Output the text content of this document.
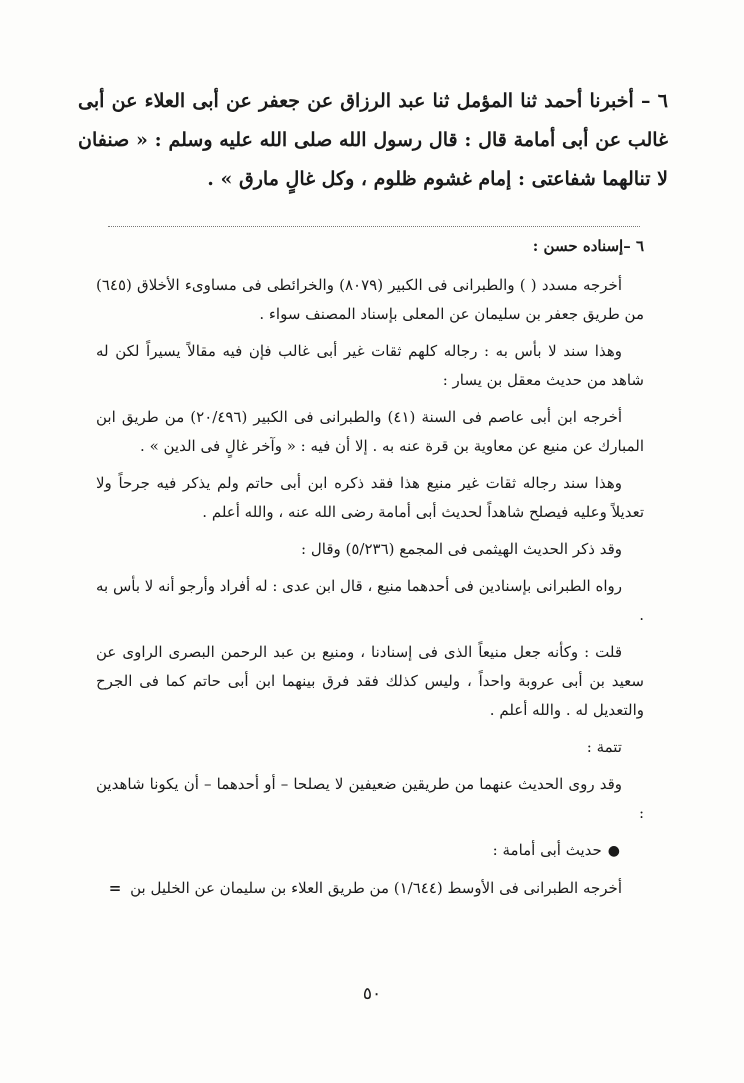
٦ – أخبرنا أحمد ثنا المؤمل ثنا عبد الرزاق عن جعفر عن أبى العلاء عن أبى غالب عن أبى أمامة قال : قال رسول الله صلى الله عليه وسلم : « صنفان لا تنالهما شفاعتى : إمام غشوم ظلوم ، وكل غالٍ مارق » .

٦ –إسناده حسن :

أخرجه مسدد ( ) والطبرانى فى الكبير (٨٠٧٩) والخرائطى فى مساوىء الأخلاق (٦٤٥) من طريق جعفر بن سليمان عن المعلى بإسناد المصنف سواء .

وهذا سند لا بأس به : رجاله كلهم ثقات غير أبى غالب فإن فيه مقالاً يسيراً لكن له شاهد من حديث معقل بن يسار :

أخرجه ابن أبى عاصم فى السنة (٤١) والطبرانى فى الكبير (٢٠/٤٩٦) من طريق ابن المبارك عن منيع عن معاوية بن قرة عنه به . إلا أن فيه : « وآخر غالٍ فى الدين » .

وهذا سند رجاله ثقات غير منيع هذا فقد ذكره ابن أبى حاتم ولم يذكر فيه جرحاً ولا تعديلاً وعليه فيصلح شاهداً لحديث أبى أمامة رضى الله عنه ، والله أعلم .

وقد ذكر الحديث الهيثمى فى المجمع (٥/٢٣٦) وقال :

رواه الطبرانى بإسنادين فى أحدهما منيع ، قال ابن عدى : له أفراد وأرجو أنه لا بأس به .

قلت : وكأنه جعل منيعاً الذى فى إسنادنا ، ومنيع بن عبد الرحمن البصرى الراوى عن سعيد بن أبى عروبة واحداً ، وليس كذلك فقد فرق بينهما ابن أبى حاتم كما فى الجرح والتعديل له . والله أعلم .

تتمة :

وقد روى الحديث عنهما من طريقين ضعيفين لا يصلحا – أو أحدهما – أن يكونا شاهدين :

●حديث أبى أمامة :

أخرجه الطبرانى فى الأوسط (١/٦٤٤) من طريق العلاء بن سليمان عن الخليل بن =

٥٠
